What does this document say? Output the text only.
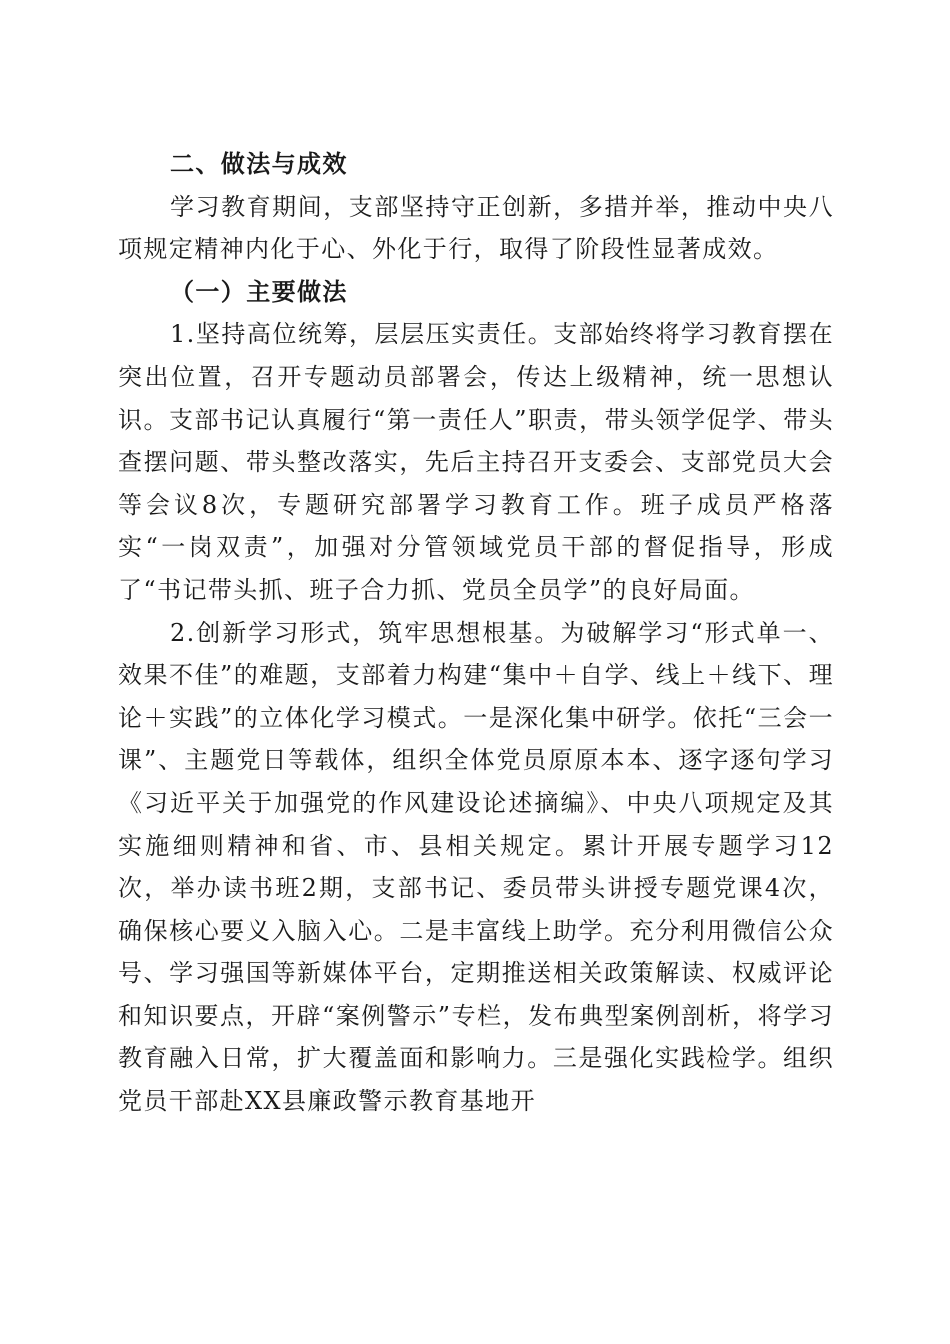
二、做法与成效

学习教育期间，支部坚持守正创新，多措并举，推动中央八项规定精神内化于心、外化于行，取得了阶段性显著成效。

（一）主要做法

1.坚持高位统筹，层层压实责任。支部始终将学习教育摆在突出位置，召开专题动员部署会，传达上级精神，统一思想认识。支部书记认真履行“第一责任人”职责，带头领学促学、带头查摆问题、带头整改落实，先后主持召开支委会、支部党员大会等会议8次，专题研究部署学习教育工作。班子成员严格落实“一岗双责”，加强对分管领域党员干部的督促指导，形成了“书记带头抓、班子合力抓、党员全员学”的良好局面。

2.创新学习形式，筑牢思想根基。为破解学习“形式单一、效果不佳”的难题，支部着力构建“集中＋自学、线上＋线下、理论＋实践”的立体化学习模式。一是深化集中研学。依托“三会一课”、主题党日等载体，组织全体党员原原本本、逐字逐句学习《习近平关于加强党的作风建设论述摘编》、中央八项规定及其实施细则精神和省、市、县相关规定。累计开展专题学习12次，举办读书班2期，支部书记、委员带头讲授专题党课4次，确保核心要义入脑入心。二是丰富线上助学。充分利用微信公众号、学习强国等新媒体平台，定期推送相关政策解读、权威评论和知识要点，开辟“案例警示”专栏，发布典型案例剖析，将学习教育融入日常，扩大覆盖面和影响力。三是强化实践检学。组织党员干部赴XX县廉政警示教育基地开
